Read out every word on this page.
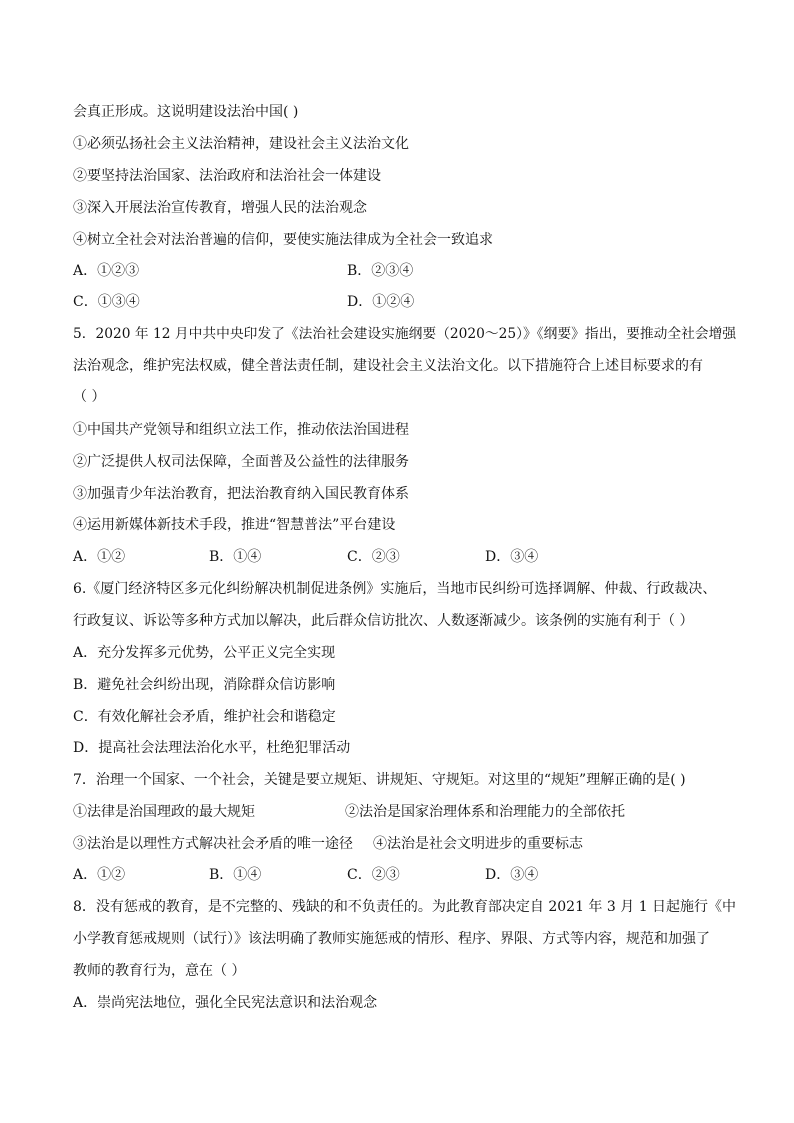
会真正形成。这说明建设法治中国( )
①必须弘扬社会主义法治精神，建设社会主义法治文化
②要坚持法治国家、法治政府和法治社会一体建设
③深入开展法治宣传教育，增强人民的法治观念
④树立全社会对法治普遍的信仰，要使实施法律成为全社会一致追求
A．①②③	B．②③④
C．①③④	D．①②④
5．2020 年 12 月中共中央印发了《法治社会建设实施纲要（2020～25）》《纲要》指出，要推动全社会增强
法治观念，维护宪法权威，健全普法责任制，建设社会主义法治文化。以下措施符合上述目标要求的有
（ ）
①中国共产党领导和组织立法工作，推动依法治国进程
②广泛提供人权司法保障，全面普及公益性的法律服务
③加强青少年法治教育，把法治教育纳入国民教育体系
④运用新媒体新技术手段，推进“智慧普法”平台建设
A．①②	B．①④	C．②③	D．③④
6.《厦门经济特区多元化纠纷解决机制促进条例》实施后，当地市民纠纷可选择调解、仲裁、行政裁决、
行政复议、诉讼等多种方式加以解决，此后群众信访批次、人数逐渐减少。该条例的实施有利于（ ）
A．充分发挥多元优势，公平正义完全实现
B．避免社会纠纷出现，消除群众信访影响
C．有效化解社会矛盾，维护社会和谐稳定
D．提高社会法理法治化水平，杜绝犯罪活动
7．治理一个国家、一个社会，关键是要立规矩、讲规矩、守规矩。对这里的“规矩”理解正确的是( )
①法律是治国理政的最大规矩	②法治是国家治理体系和治理能力的全部依托
③法治是以理性方式解决社会矛盾的唯一途径 ④法治是社会文明进步的重要标志
A．①②	B．①④	C．②③	D．③④
8．没有惩戒的教育，是不完整的、残缺的和不负责任的。为此教育部决定自 2021 年 3 月 1 日起施行《中
小学教育惩戒规则（试行）》该法明确了教师实施惩戒的情形、程序、界限、方式等内容，规范和加强了
教师的教育行为，意在（ ）
A．崇尚宪法地位，强化全民宪法意识和法治观念
